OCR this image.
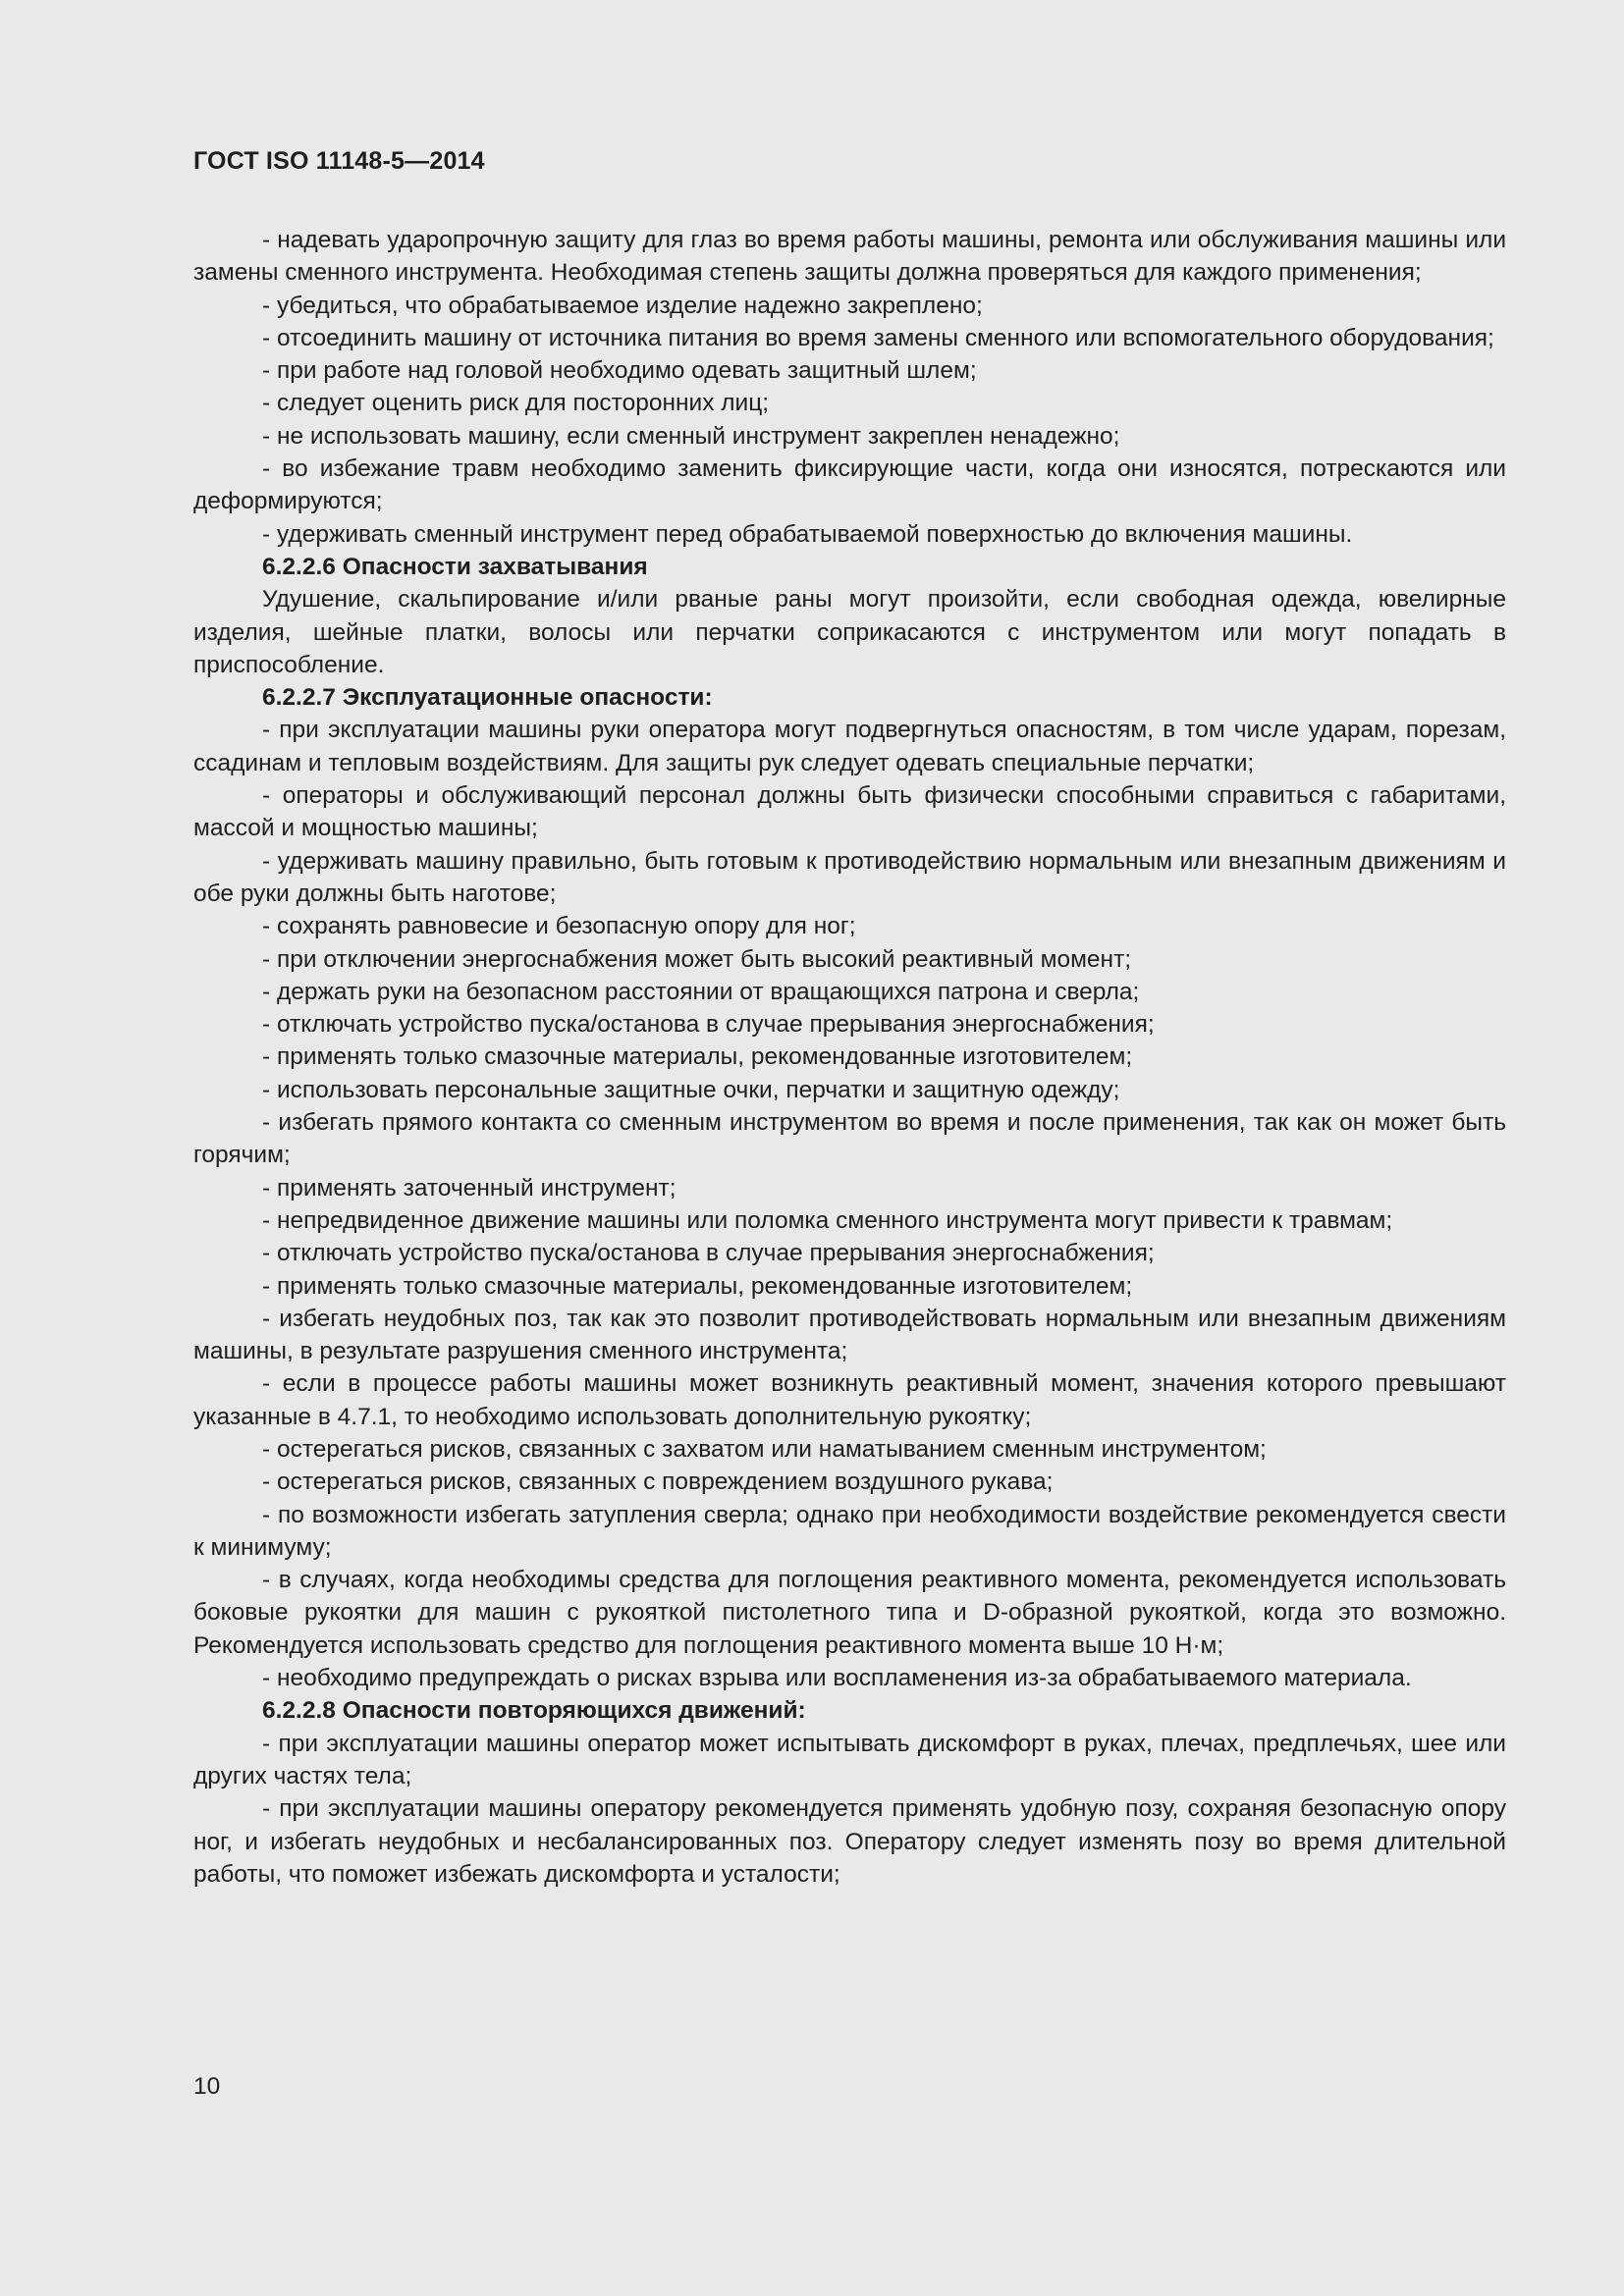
ГОСТ ISO 11148-5—2014

- надевать ударопрочную защиту для глаз во время работы машины, ремонта или обслуживания машины или замены сменного инструмента. Необходимая степень защиты должна проверяться для каждого применения;

- убедиться, что обрабатываемое изделие надежно закреплено;

- отсоединить машину от источника питания во время замены сменного или вспомогательного оборудования;

- при работе над головой необходимо одевать защитный шлем;

- следует оценить риск для посторонних лиц;

- не использовать машину, если сменный инструмент закреплен ненадежно;

- во избежание травм необходимо заменить фиксирующие части, когда они износятся, потрескаются или деформируются;

- удерживать сменный инструмент перед обрабатываемой поверхностью до включения машины.

6.2.2.6 Опасности захватывания

Удушение, скальпирование и/или рваные раны могут произойти, если свободная одежда, ювелирные изделия, шейные платки, волосы или перчатки соприкасаются с инструментом или могут попадать в приспособление.

6.2.2.7 Эксплуатационные опасности:

- при эксплуатации машины руки оператора могут подвергнуться опасностям, в том числе ударам, порезам, ссадинам и тепловым воздействиям. Для защиты рук следует одевать специальные перчатки;

- операторы и обслуживающий персонал должны быть физически способными справиться с габаритами, массой и мощностью машины;

- удерживать машину правильно, быть готовым к противодействию нормальным или внезапным движениям и обе руки должны быть наготове;

- сохранять равновесие и безопасную опору для ног;

- при отключении энергоснабжения может быть высокий реактивный момент;

- держать руки на безопасном расстоянии от вращающихся патрона и сверла;

- отключать устройство пуска/останова в случае прерывания энергоснабжения;

- применять только смазочные материалы, рекомендованные изготовителем;

- использовать персональные защитные очки, перчатки и защитную одежду;

- избегать прямого контакта со сменным инструментом во время и после применения, так как он может быть горячим;

- применять заточенный инструмент;

- непредвиденное движение машины или поломка сменного инструмента могут привести к травмам;

- отключать устройство пуска/останова в случае прерывания энергоснабжения;

- применять только смазочные материалы, рекомендованные изготовителем;

- избегать неудобных поз, так как это позволит противодействовать нормальным или внезапным движениям машины, в результате разрушения сменного инструмента;

- если в процессе работы машины может возникнуть реактивный момент, значения которого превышают указанные в 4.7.1, то необходимо использовать дополнительную рукоятку;

- остерегаться рисков, связанных с захватом или наматыванием сменным инструментом;

- остерегаться рисков, связанных с повреждением воздушного рукава;

- по возможности избегать затупления сверла; однако при необходимости воздействие рекомендуется свести к минимуму;

- в случаях, когда необходимы средства для поглощения реактивного момента, рекомендуется использовать боковые рукоятки для машин с рукояткой пистолетного типа и D-образной рукояткой, когда это возможно. Рекомендуется использовать средство для поглощения реактивного момента выше 10 Н·м;

- необходимо предупреждать о рисках взрыва или воспламенения из-за обрабатываемого материала.

6.2.2.8 Опасности повторяющихся движений:

- при эксплуатации машины оператор может испытывать дискомфорт в руках, плечах, предплечьях, шее или других частях тела;

- при эксплуатации машины оператору рекомендуется применять удобную позу, сохраняя безопасную опору ног, и избегать неудобных и несбалансированных поз. Оператору следует изменять позу во время длительной работы, что поможет избежать дискомфорта и усталости;

10
